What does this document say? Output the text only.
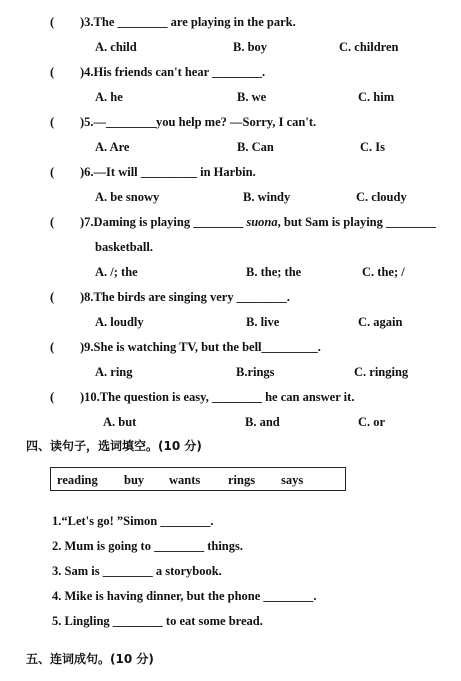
( )3.The ________ are playing in the park.
A. child	B. boy	C. children
( )4.His friends can't hear ________.
A. he	B. we	C. him
( )5.—________you help me? —Sorry, I can't.
A. Are	B. Can	C. Is
( )6.—It will _________ in Harbin.
A. be snowy	B. windy	C. cloudy
( )7.Daming is playing ________ suona, but Sam is playing ________
basketball.
A. /; the	B. the; the	C. the; /
( )8.The birds are singing very ________.
A. loudly	B. live	C. again
( )9.She is watching TV, but the bell_________.
A. ring	B.rings	C. ringing
( )10.The question is easy, ________ he can answer it.
A. but	B. and	C. or
四、读句子，选词填空。(10 分)
reading buy wants rings says
1.“Let's go! ”Simon ________.
2. Mum is going to ________ things.
3. Sam is ________ a storybook.
4. Mike is having dinner, but the phone ________.
5. Lingling ________ to eat some bread.
五、连词成句。(10 分)
